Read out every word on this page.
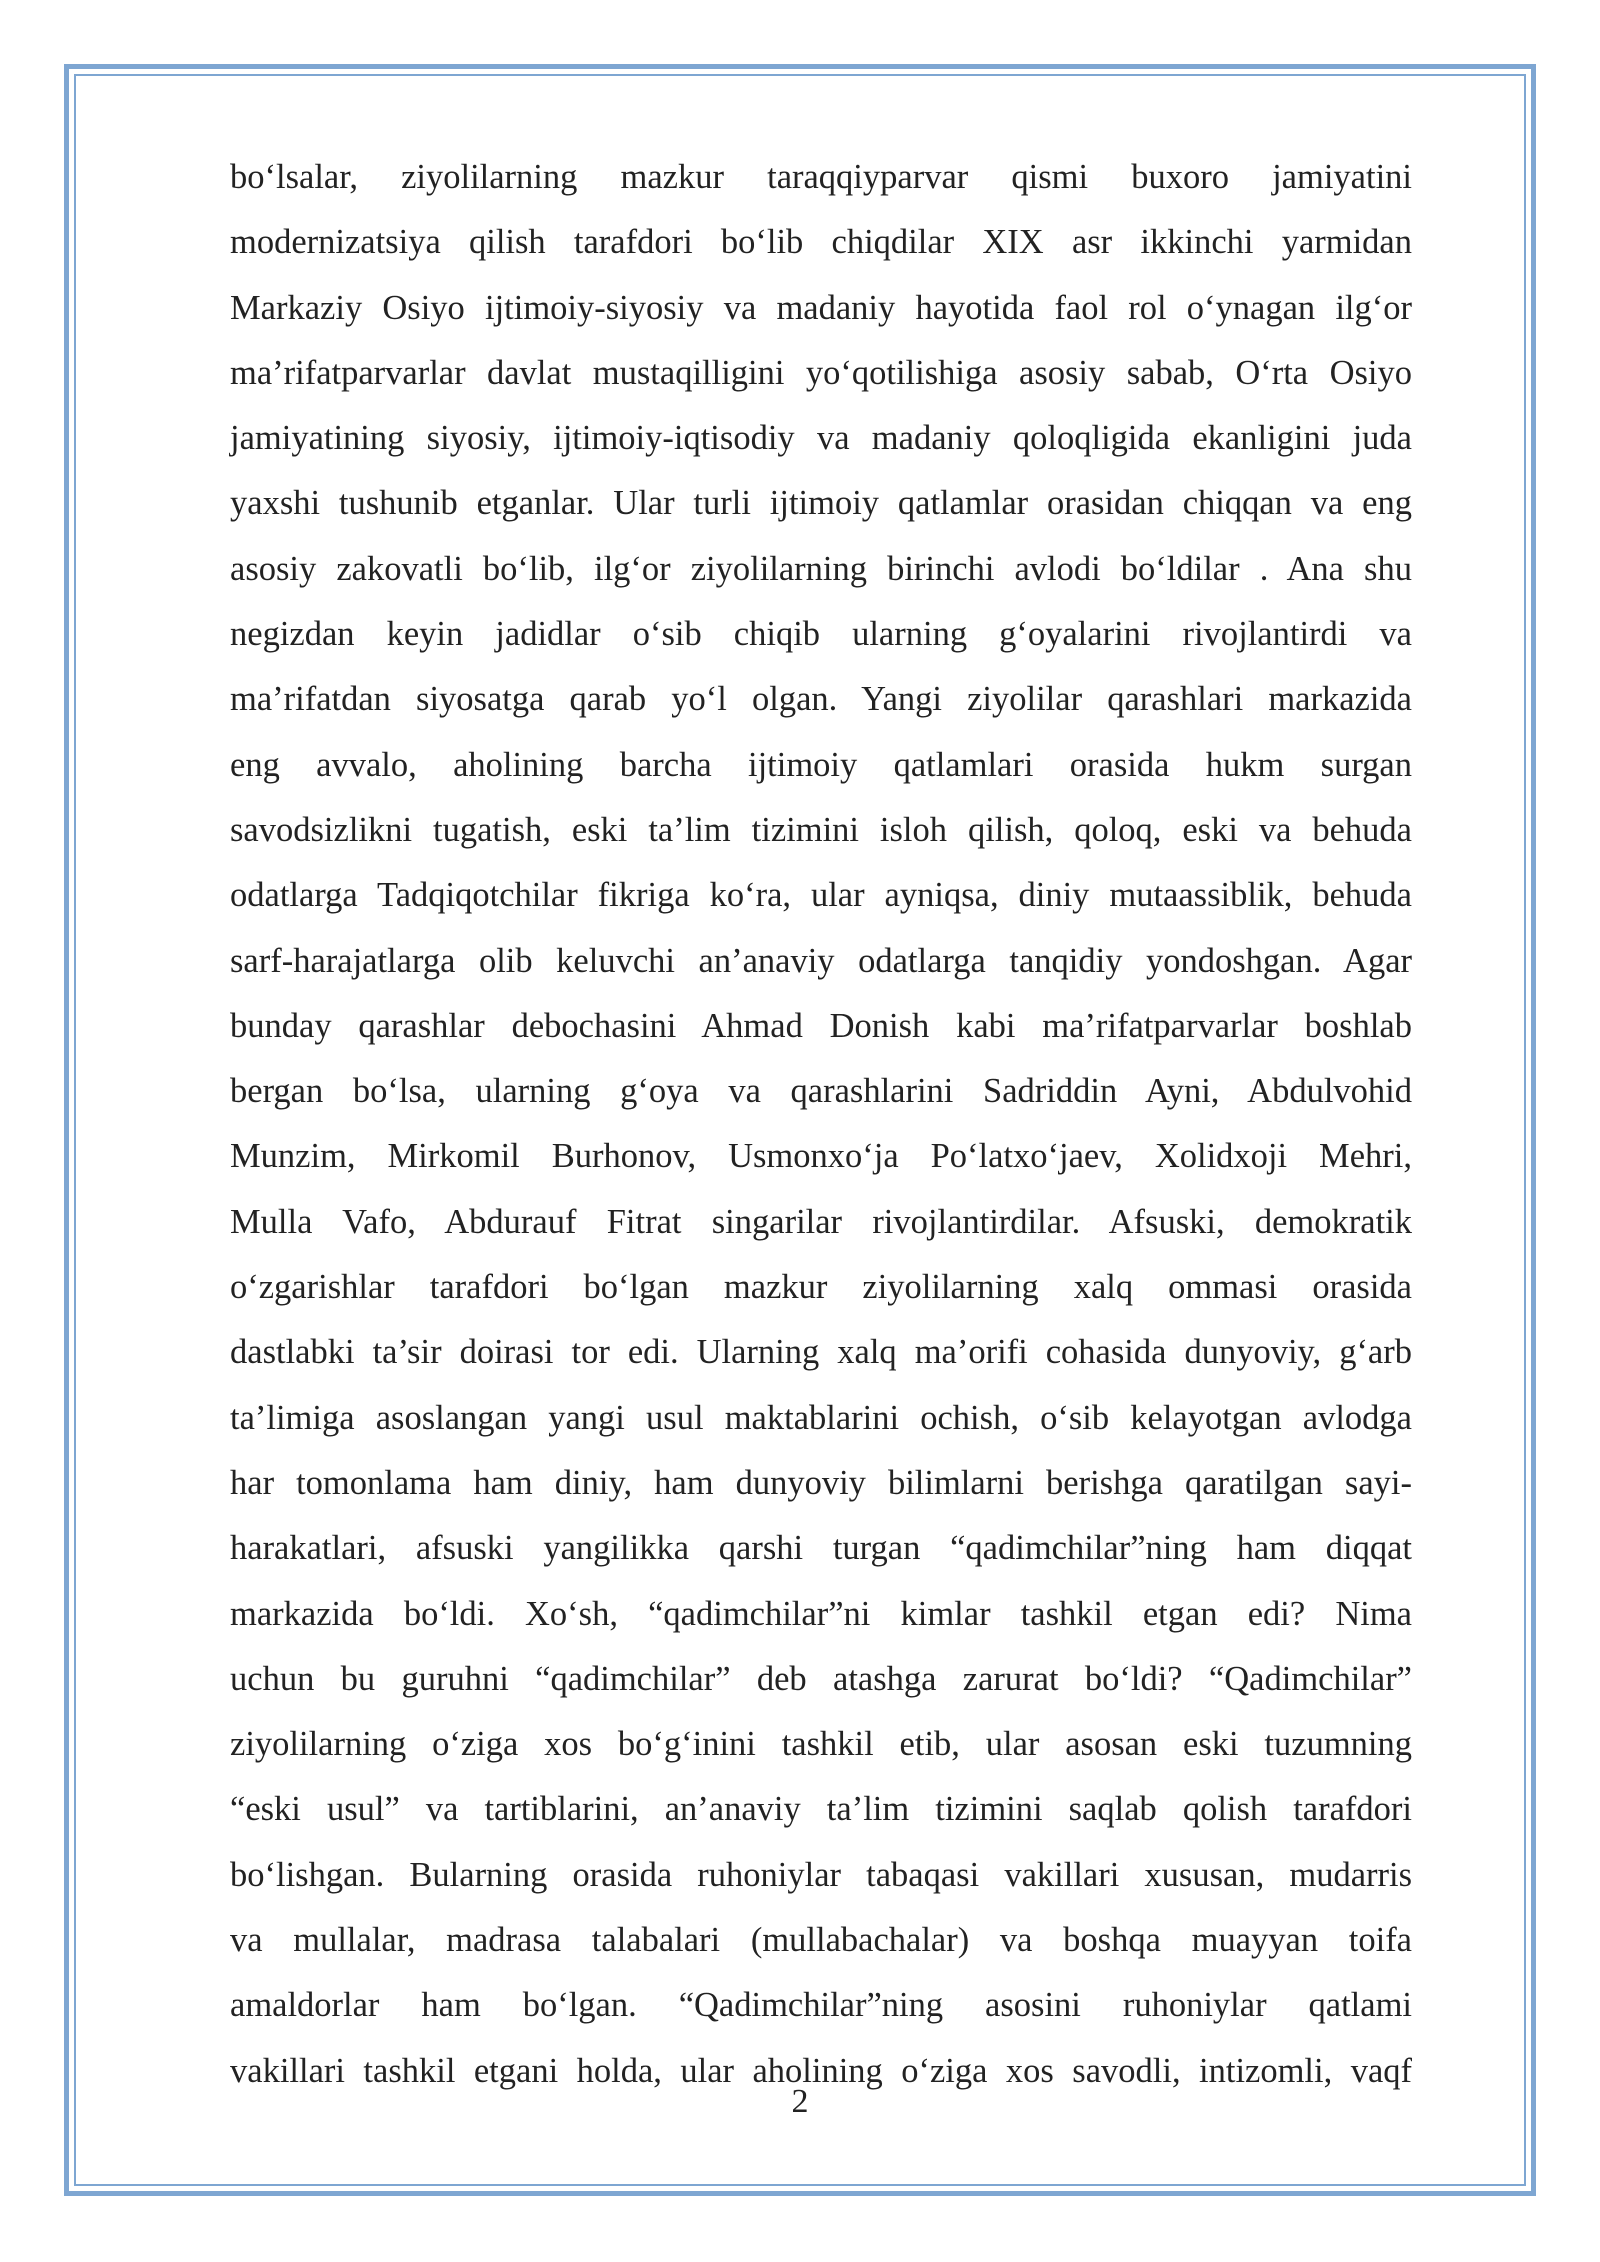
bo‘lsalar, ziyolilarning mazkur taraqqiyparvar qismi buxoro jamiyatini
modernizatsiya qilish tarafdori bo‘lib chiqdilar XIX asr ikkinchi yarmidan
Markaziy Osiyo ijtimoiy-siyosiy va madaniy hayotida faol rol o‘ynagan ilg‘or
ma’rifatparvarlar davlat mustaqilligini yo‘qotilishiga asosiy sabab, O‘rta Osiyo
jamiyatining siyosiy, ijtimoiy-iqtisodiy va madaniy qoloqligida ekanligini juda
yaxshi tushunib etganlar. Ular turli ijtimoiy qatlamlar orasidan chiqqan va eng
asosiy zakovatli bo‘lib, ilg‘or ziyolilarning birinchi avlodi bo‘ldilar . Ana shu
negizdan keyin jadidlar o‘sib chiqib ularning g‘oyalarini rivojlantirdi va
ma’rifatdan siyosatga qarab yo‘l olgan. Yangi ziyolilar qarashlari markazida
eng avvalo, aholining barcha ijtimoiy qatlamlari orasida hukm surgan
savodsizlikni tugatish, eski ta’lim tizimini isloh qilish, qoloq, eski va behuda
odatlarga Tadqiqotchilar fikriga ko‘ra, ular ayniqsa, diniy mutaassiblik, behuda
sarf-harajatlarga olib keluvchi an’anaviy odatlarga tanqidiy yondoshgan. Agar
bunday qarashlar debochasini Ahmad Donish kabi ma’rifatparvarlar boshlab
bergan bo‘lsa, ularning g‘oya va qarashlarini Sadriddin Ayni, Abdulvohid
Munzim, Mirkomil Burhonov, Usmonxo‘ja Po‘latxo‘jaev, Xolidxoji Mehri,
Mulla Vafo, Abdurauf Fitrat singarilar rivojlantirdilar. Afsuski, demokratik
o‘zgarishlar tarafdori bo‘lgan mazkur ziyolilarning xalq ommasi orasida
dastlabki ta’sir doirasi tor edi. Ularning xalq ma’orifi cohasida dunyoviy, g‘arb
ta’limiga asoslangan yangi usul maktablarini ochish, o‘sib kelayotgan avlodga
har tomonlama ham diniy, ham dunyoviy bilimlarni berishga qaratilgan sayi-
harakatlari, afsuski yangilikka qarshi turgan “qadimchilar”ning ham diqqat
markazida bo‘ldi. Xo‘sh, “qadimchilar”ni kimlar tashkil etgan edi? Nima
uchun bu guruhni “qadimchilar” deb atashga zarurat bo‘ldi? “Qadimchilar”
ziyolilarning o‘ziga xos bo‘g‘inini tashkil etib, ular asosan eski tuzumning
“eski usul” va tartiblarini, an’anaviy ta’lim tizimini saqlab qolish tarafdori
bo‘lishgan. Bularning orasida ruhoniylar tabaqasi vakillari xususan, mudarris
va mullalar, madrasa talabalari (mullabachalar) va boshqa muayyan toifa
amaldorlar ham bo‘lgan. “Qadimchilar”ning asosini ruhoniylar qatlami
vakillari tashkil etgani holda, ular aholining o‘ziga xos savodli, intizomli, vaqf
2
